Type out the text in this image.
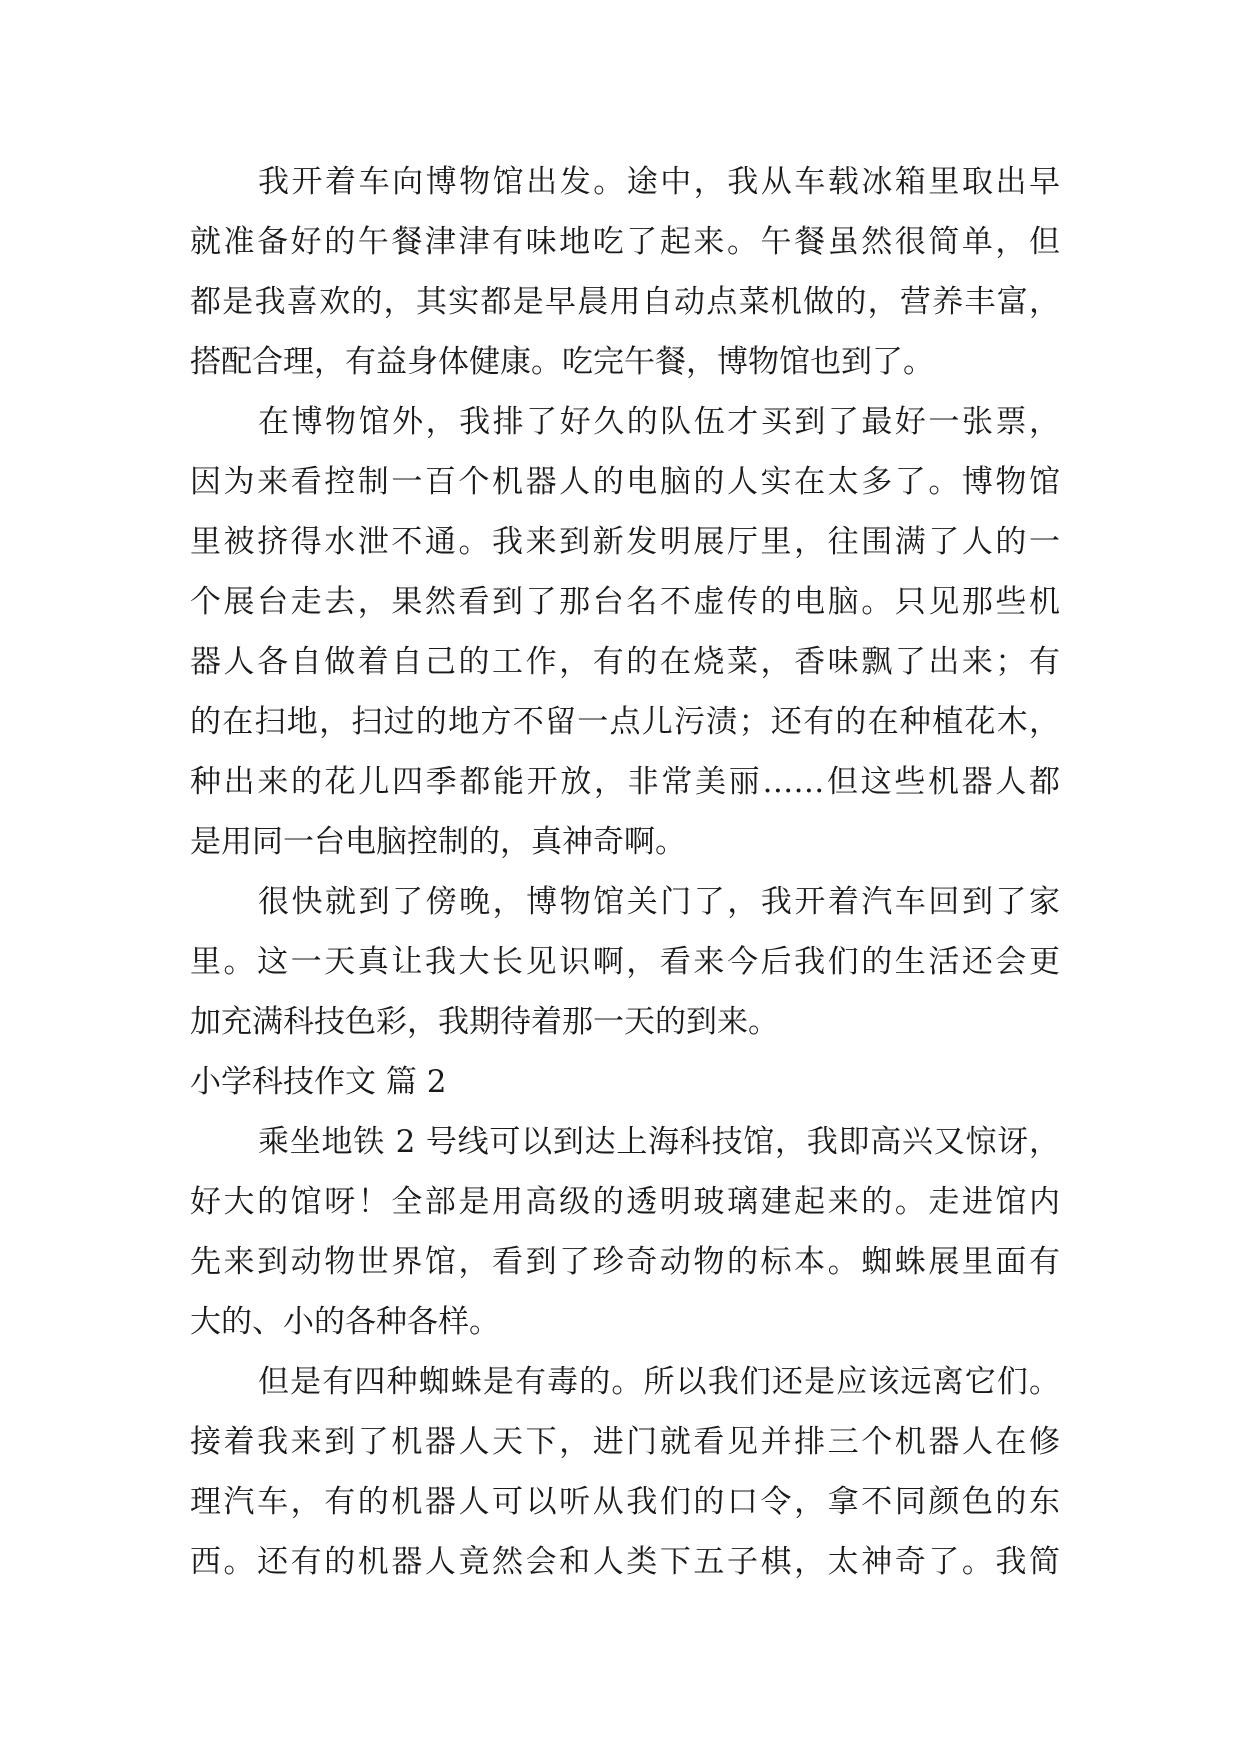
我开着车向博物馆出发。途中，我从车载冰箱里取出早
就准备好的午餐津津有味地吃了起来。午餐虽然很简单，但
都是我喜欢的，其实都是早晨用自动点菜机做的，营养丰富，
搭配合理，有益身体健康。吃完午餐，博物馆也到了。
在博物馆外，我排了好久的队伍才买到了最好一张票，
因为来看控制一百个机器人的电脑的人实在太多了。博物馆
里被挤得水泄不通。我来到新发明展厅里，往围满了人的一
个展台走去，果然看到了那台名不虚传的电脑。只见那些机
器人各自做着自己的工作，有的在烧菜，香味飘了出来；有
的在扫地，扫过的地方不留一点儿污渍；还有的在种植花木，
种出来的花儿四季都能开放，非常美丽……但这些机器人都
是用同一台电脑控制的，真神奇啊。
很快就到了傍晚，博物馆关门了，我开着汽车回到了家
里。这一天真让我大长见识啊，看来今后我们的生活还会更
加充满科技色彩，我期待着那一天的到来。
小学科技作文 篇 2
乘坐地铁 2 号线可以到达上海科技馆，我即高兴又惊讶，
好大的馆呀！全部是用高级的透明玻璃建起来的。走进馆内
先来到动物世界馆，看到了珍奇动物的标本。蜘蛛展里面有
大的、小的各种各样。
但是有四种蜘蛛是有毒的。所以我们还是应该远离它们。
接着我来到了机器人天下，进门就看见并排三个机器人在修
理汽车，有的机器人可以听从我们的口令，拿不同颜色的东
西。还有的机器人竟然会和人类下五子棋，太神奇了。我简
